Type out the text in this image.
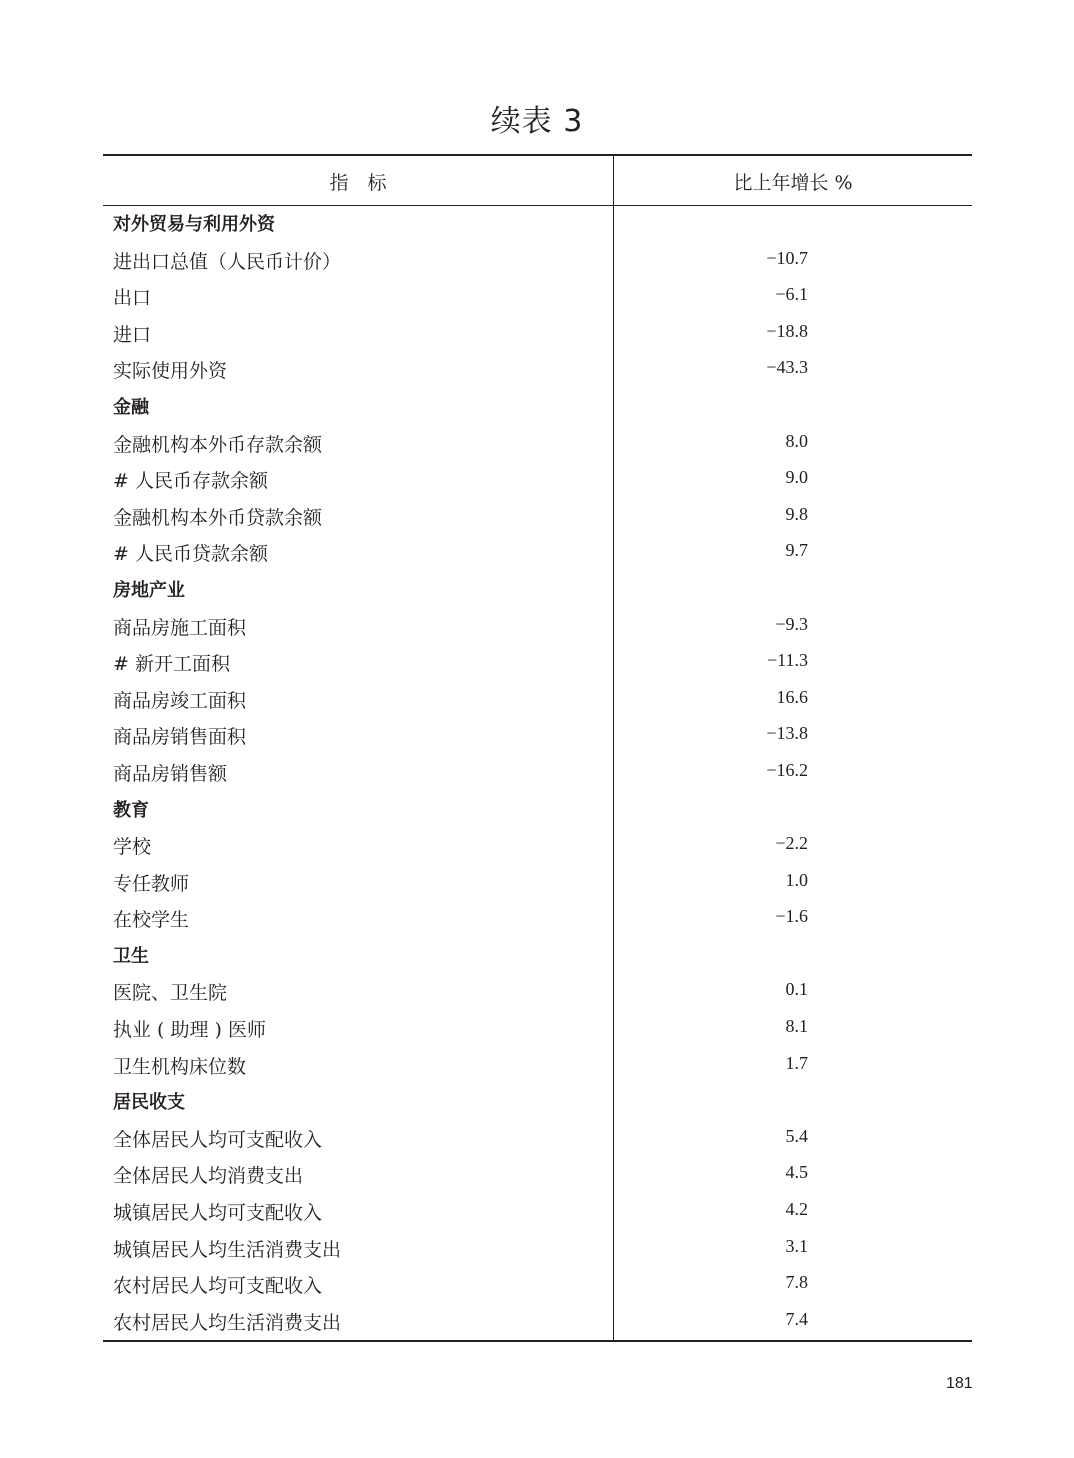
续表 3
指　标	比上年增长 %
对外贸易与利用外资
进出口总值（人民币计价）	−10.7
出口	−6.1
进口	−18.8
实际使用外资	−43.3
金融
金融机构本外币存款余额	8.0
# 人民币存款余额	9.0
金融机构本外币贷款余额	9.8
# 人民币贷款余额	9.7
房地产业
商品房施工面积	−9.3
# 新开工面积	−11.3
商品房竣工面积	16.6
商品房销售面积	−13.8
商品房销售额	−16.2
教育
学校	−2.2
专任教师	1.0
在校学生	−1.6
卫生
医院、卫生院	0.1
执业 ( 助理 ) 医师	8.1
卫生机构床位数	1.7
居民收支
全体居民人均可支配收入	5.4
全体居民人均消费支出	4.5
城镇居民人均可支配收入	4.2
城镇居民人均生活消费支出	3.1
农村居民人均可支配收入	7.8
农村居民人均生活消费支出	7.4
181
